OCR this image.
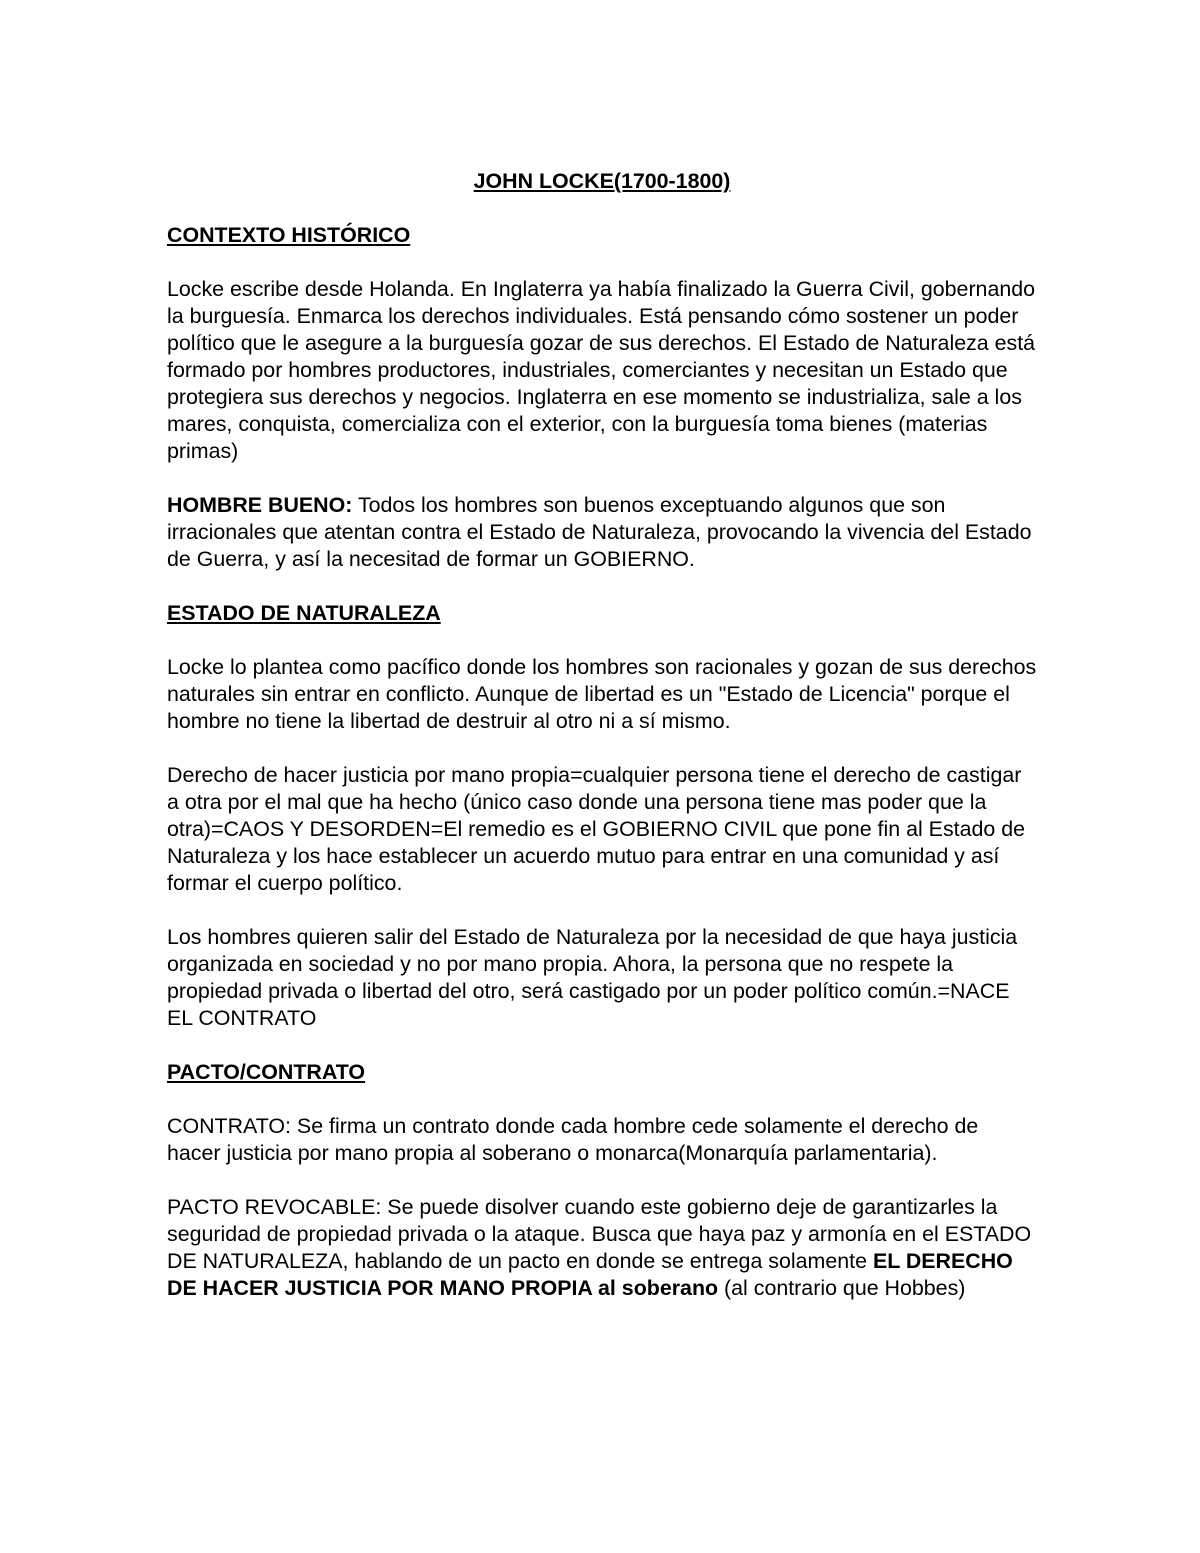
JOHN LOCKE(1700-1800)

CONTEXTO HISTÓRICO

Locke escribe desde Holanda. En Inglaterra ya había finalizado la Guerra Civil, gobernando la burguesía. Enmarca los derechos individuales. Está pensando cómo sostener un poder político que le asegure a la burguesía gozar de sus derechos. El Estado de Naturaleza está formado por hombres productores, industriales, comerciantes y necesitan un Estado que protegiera sus derechos y negocios. Inglaterra en ese momento se industrializa, sale a los mares, conquista, comercializa con el exterior, con la burguesía toma bienes (materias primas)

HOMBRE BUENO: Todos los hombres son buenos exceptuando algunos que son irracionales que atentan contra el Estado de Naturaleza, provocando la vivencia del Estado de Guerra, y así la necesitad de formar un GOBIERNO.

ESTADO DE NATURALEZA

Locke lo plantea como pacífico donde los hombres son racionales y gozan de sus derechos naturales sin entrar en conflicto. Aunque de libertad es un "Estado de Licencia" porque el hombre no tiene la libertad de destruir al otro ni a sí mismo.

Derecho de hacer justicia por mano propia=cualquier persona tiene el derecho de castigar a otra por el mal que ha hecho (único caso donde una persona tiene mas poder que la otra)=CAOS Y DESORDEN=El remedio es el GOBIERNO CIVIL que pone fin al Estado de Naturaleza y los hace establecer un acuerdo mutuo para entrar en una comunidad y así formar el cuerpo político.

Los hombres quieren salir del Estado de Naturaleza por la necesidad de que haya justicia organizada en sociedad y no por mano propia. Ahora, la persona que no respete la propiedad privada o libertad del otro, será castigado por un poder político común.=NACE EL CONTRATO

PACTO/CONTRATO

CONTRATO: Se firma un contrato donde cada hombre cede solamente el derecho de hacer justicia por mano propia al soberano o monarca(Monarquía parlamentaria).

PACTO REVOCABLE: Se puede disolver cuando este gobierno deje de garantizarles la seguridad de propiedad privada o la ataque. Busca que haya paz y armonía en el ESTADO DE NATURALEZA, hablando de un pacto en donde se entrega solamente EL DERECHO DE HACER JUSTICIA POR MANO PROPIA al soberano (al contrario que Hobbes)
